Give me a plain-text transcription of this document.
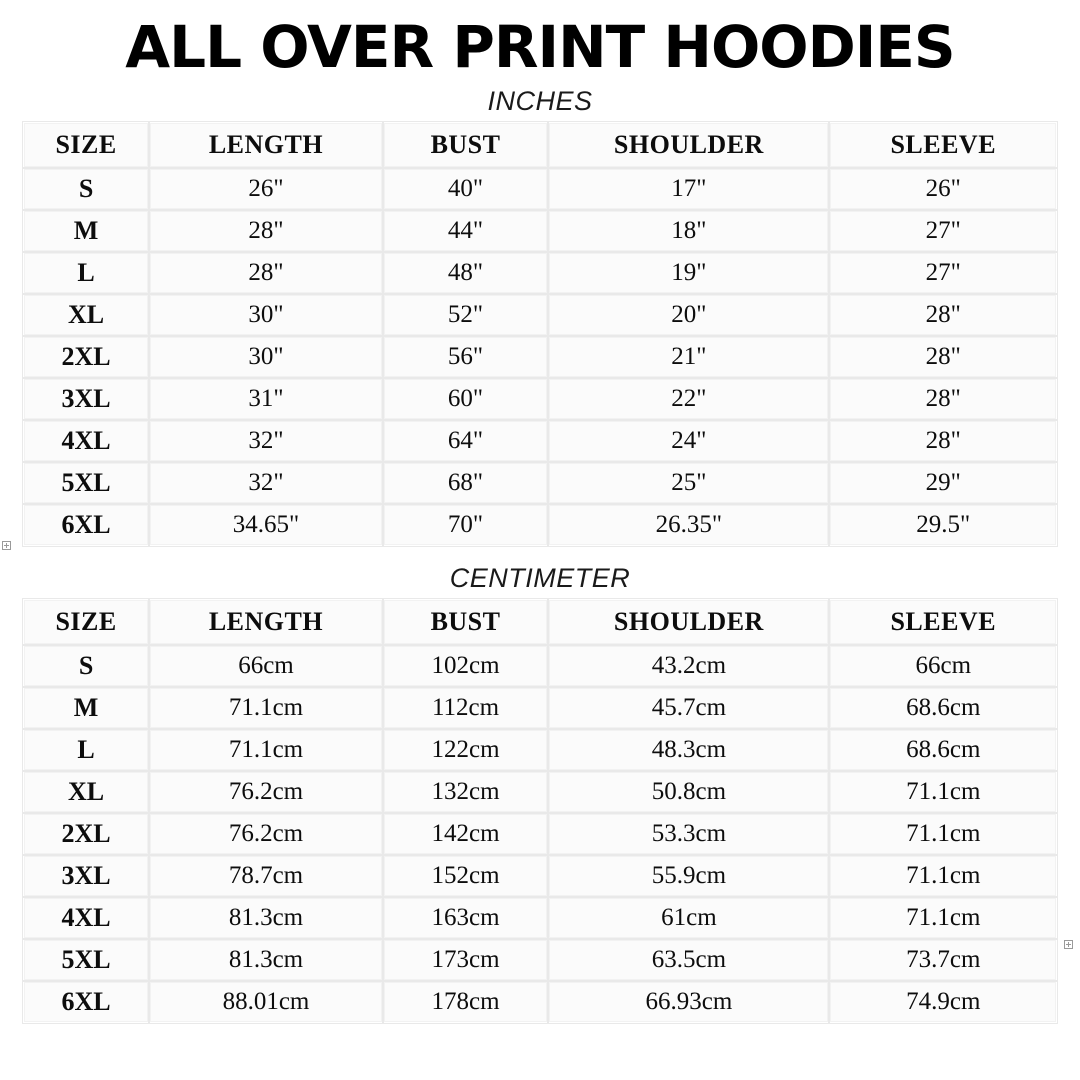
ALL OVER PRINT HOODIES
INCHES
SIZE	LENGTH	BUST	SHOULDER	SLEEVE
S	26"	40"	17"	26"
M	28"	44"	18"	27"
L	28"	48"	19"	27"
XL	30"	52"	20"	28"
2XL	30"	56"	21"	28"
3XL	31"	60"	22"	28"
4XL	32"	64"	24"	28"
5XL	32"	68"	25"	29"
6XL	34.65"	70"	26.35"	29.5"
CENTIMETER
SIZE	LENGTH	BUST	SHOULDER	SLEEVE
S	66cm	102cm	43.2cm	66cm
M	71.1cm	112cm	45.7cm	68.6cm
L	71.1cm	122cm	48.3cm	68.6cm
XL	76.2cm	132cm	50.8cm	71.1cm
2XL	76.2cm	142cm	53.3cm	71.1cm
3XL	78.7cm	152cm	55.9cm	71.1cm
4XL	81.3cm	163cm	61cm	71.1cm
5XL	81.3cm	173cm	63.5cm	73.7cm
6XL	88.01cm	178cm	66.93cm	74.9cm
